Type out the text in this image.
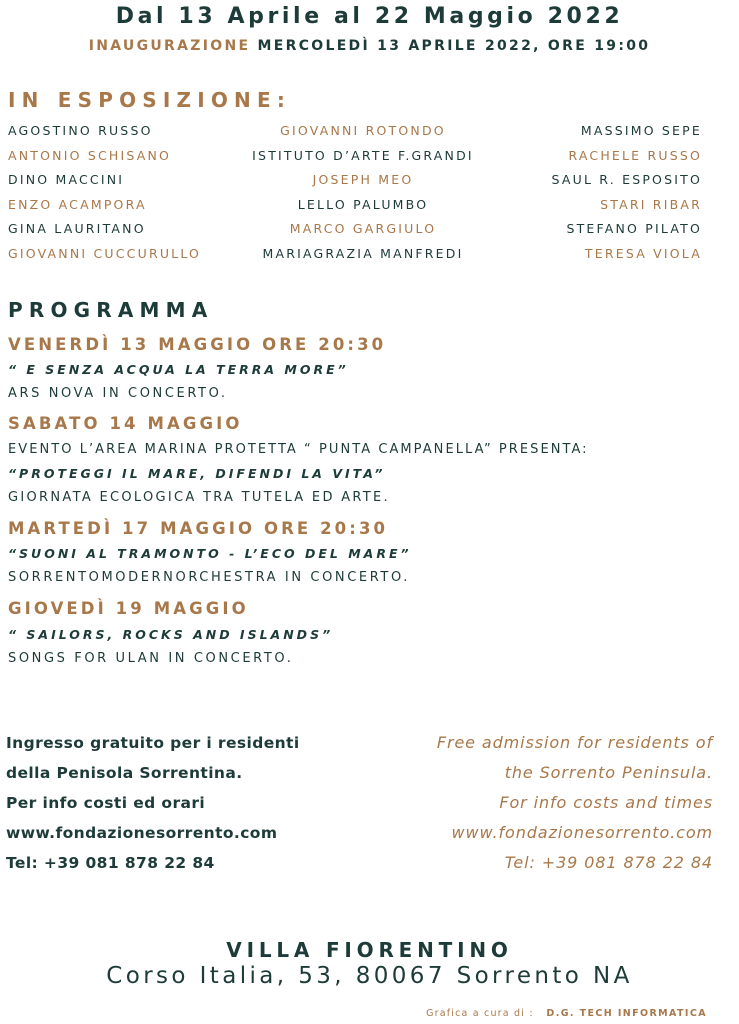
Dal 13 Aprile al 22 Maggio 2022
INAUGURAZIONE MERCOLEDÌ 13 APRILE 2022, ORE 19:00
IN ESPOSIZIONE:
AGOSTINO RUSSO
ANTONIO SCHISANO
DINO MACCINI
ENZO ACAMPORA
GINA LAURITANO
GIOVANNI CUCCURULLO
GIOVANNI ROTONDO
ISTITUTO D’ARTE F.GRANDI
JOSEPH MEO
LELLO PALUMBO
MARCO GARGIULO
MARIAGRAZIA MANFREDI
MASSIMO SEPE
RACHELE RUSSO
SAUL R. ESPOSITO
STARI RIBAR
STEFANO PILATO
TERESA VIOLA
PROGRAMMA
VENERDÌ 13 MAGGIO ORE 20:30
“ E SENZA ACQUA LA TERRA MORE”
ARS NOVA IN CONCERTO.
SABATO 14 MAGGIO
EVENTO L’AREA MARINA PROTETTA “ PUNTA CAMPANELLA” PRESENTA:
“PROTEGGI IL MARE, DIFENDI LA VITA”
GIORNATA ECOLOGICA TRA TUTELA ED ARTE.
MARTEDÌ 17 MAGGIO ORE 20:30
“SUONI AL TRAMONTO - L’ECO DEL MARE”
SORRENTOMODERNORCHESTRA IN CONCERTO.
GIOVEDÌ 19 MAGGIO
“ SAILORS, ROCKS AND ISLANDS”
SONGS FOR ULAN IN CONCERTO.
Ingresso gratuito per i residenti
della Penisola Sorrentina.
Per info costi ed orari
www.fondazionesorrento.com
Tel: +39 081 878 22 84
Free admission for residents of
the Sorrento Peninsula.
For info costs and times
www.fondazionesorrento.com
Tel: +39 081 878 22 84
VILLA FIORENTINO
Corso Italia, 53, 80067 Sorrento NA
Grafica a cura di : D.G. TECH INFORMATICA
